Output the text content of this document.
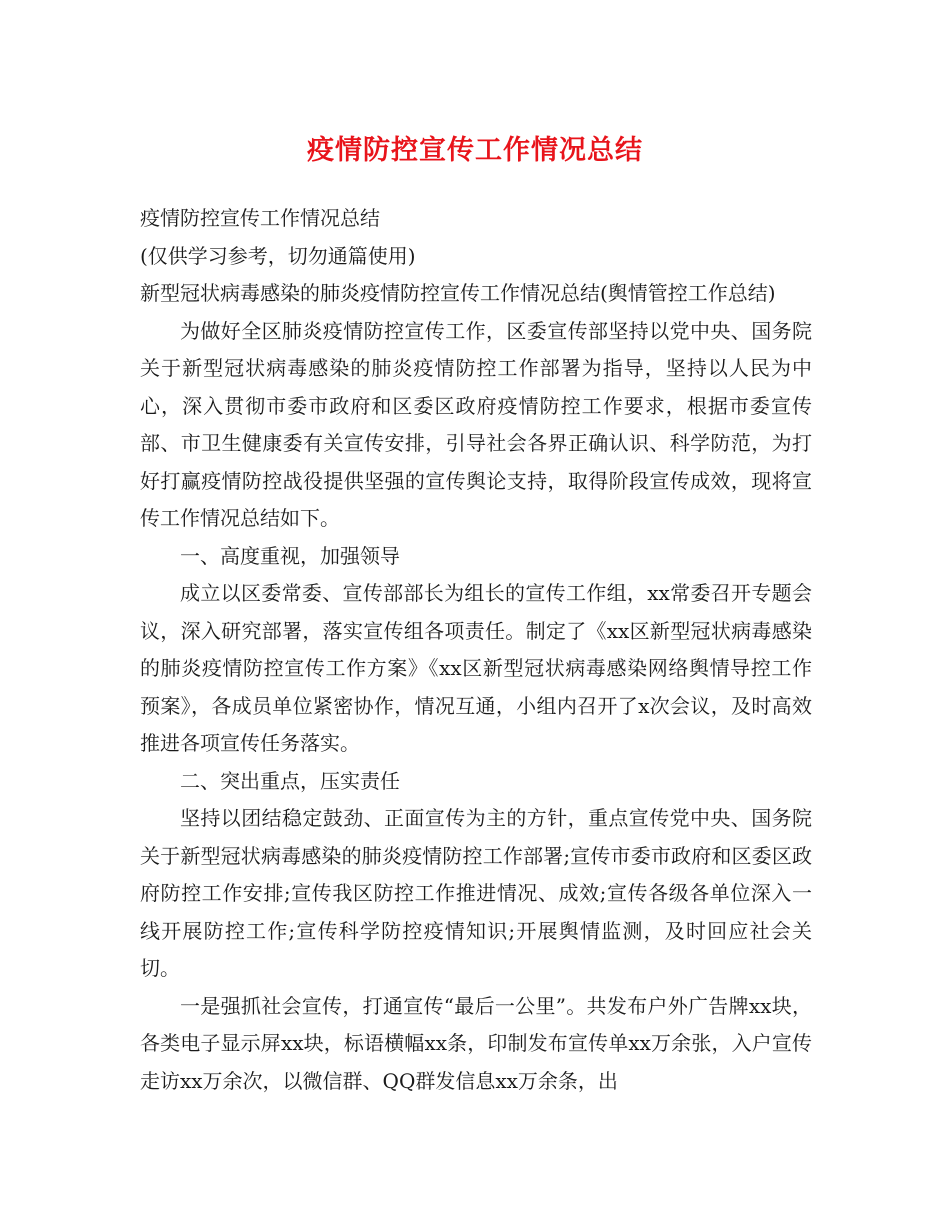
疫情防控宣传工作情况总结

疫情防控宣传工作情况总结

(仅供学习参考，切勿通篇使用)

新型冠状病毒感染的肺炎疫情防控宣传工作情况总结(舆情管控工作总结)

为做好全区肺炎疫情防控宣传工作，区委宣传部坚持以党中央、国务院关于新型冠状病毒感染的肺炎疫情防控工作部署为指导，坚持以人民为中心，深入贯彻市委市政府和区委区政府疫情防控工作要求，根据市委宣传部、市卫生健康委有关宣传安排，引导社会各界正确认识、科学防范，为打好打赢疫情防控战役提供坚强的宣传舆论支持，取得阶段宣传成效，现将宣传工作情况总结如下。

一、高度重视，加强领导

成立以区委常委、宣传部部长为组长的宣传工作组，xx常委召开专题会议，深入研究部署，落实宣传组各项责任。制定了《xx区新型冠状病毒感染的肺炎疫情防控宣传工作方案》《xx区新型冠状病毒感染网络舆情导控工作预案》，各成员单位紧密协作，情况互通，小组内召开了x次会议，及时高效推进各项宣传任务落实。

二、突出重点，压实责任

坚持以团结稳定鼓劲、正面宣传为主的方针，重点宣传党中央、国务院关于新型冠状病毒感染的肺炎疫情防控工作部署;宣传市委市政府和区委区政府防控工作安排;宣传我区防控工作推进情况、成效;宣传各级各单位深入一线开展防控工作;宣传科学防控疫情知识;开展舆情监测，及时回应社会关切。

一是强抓社会宣传，打通宣传“最后一公里”。共发布户外广告牌xx块，各类电子显示屏xx块，标语横幅xx条，印制发布宣传单xx万余张，入户宣传走访xx万余次，以微信群、QQ群发信息xx万余条，出
